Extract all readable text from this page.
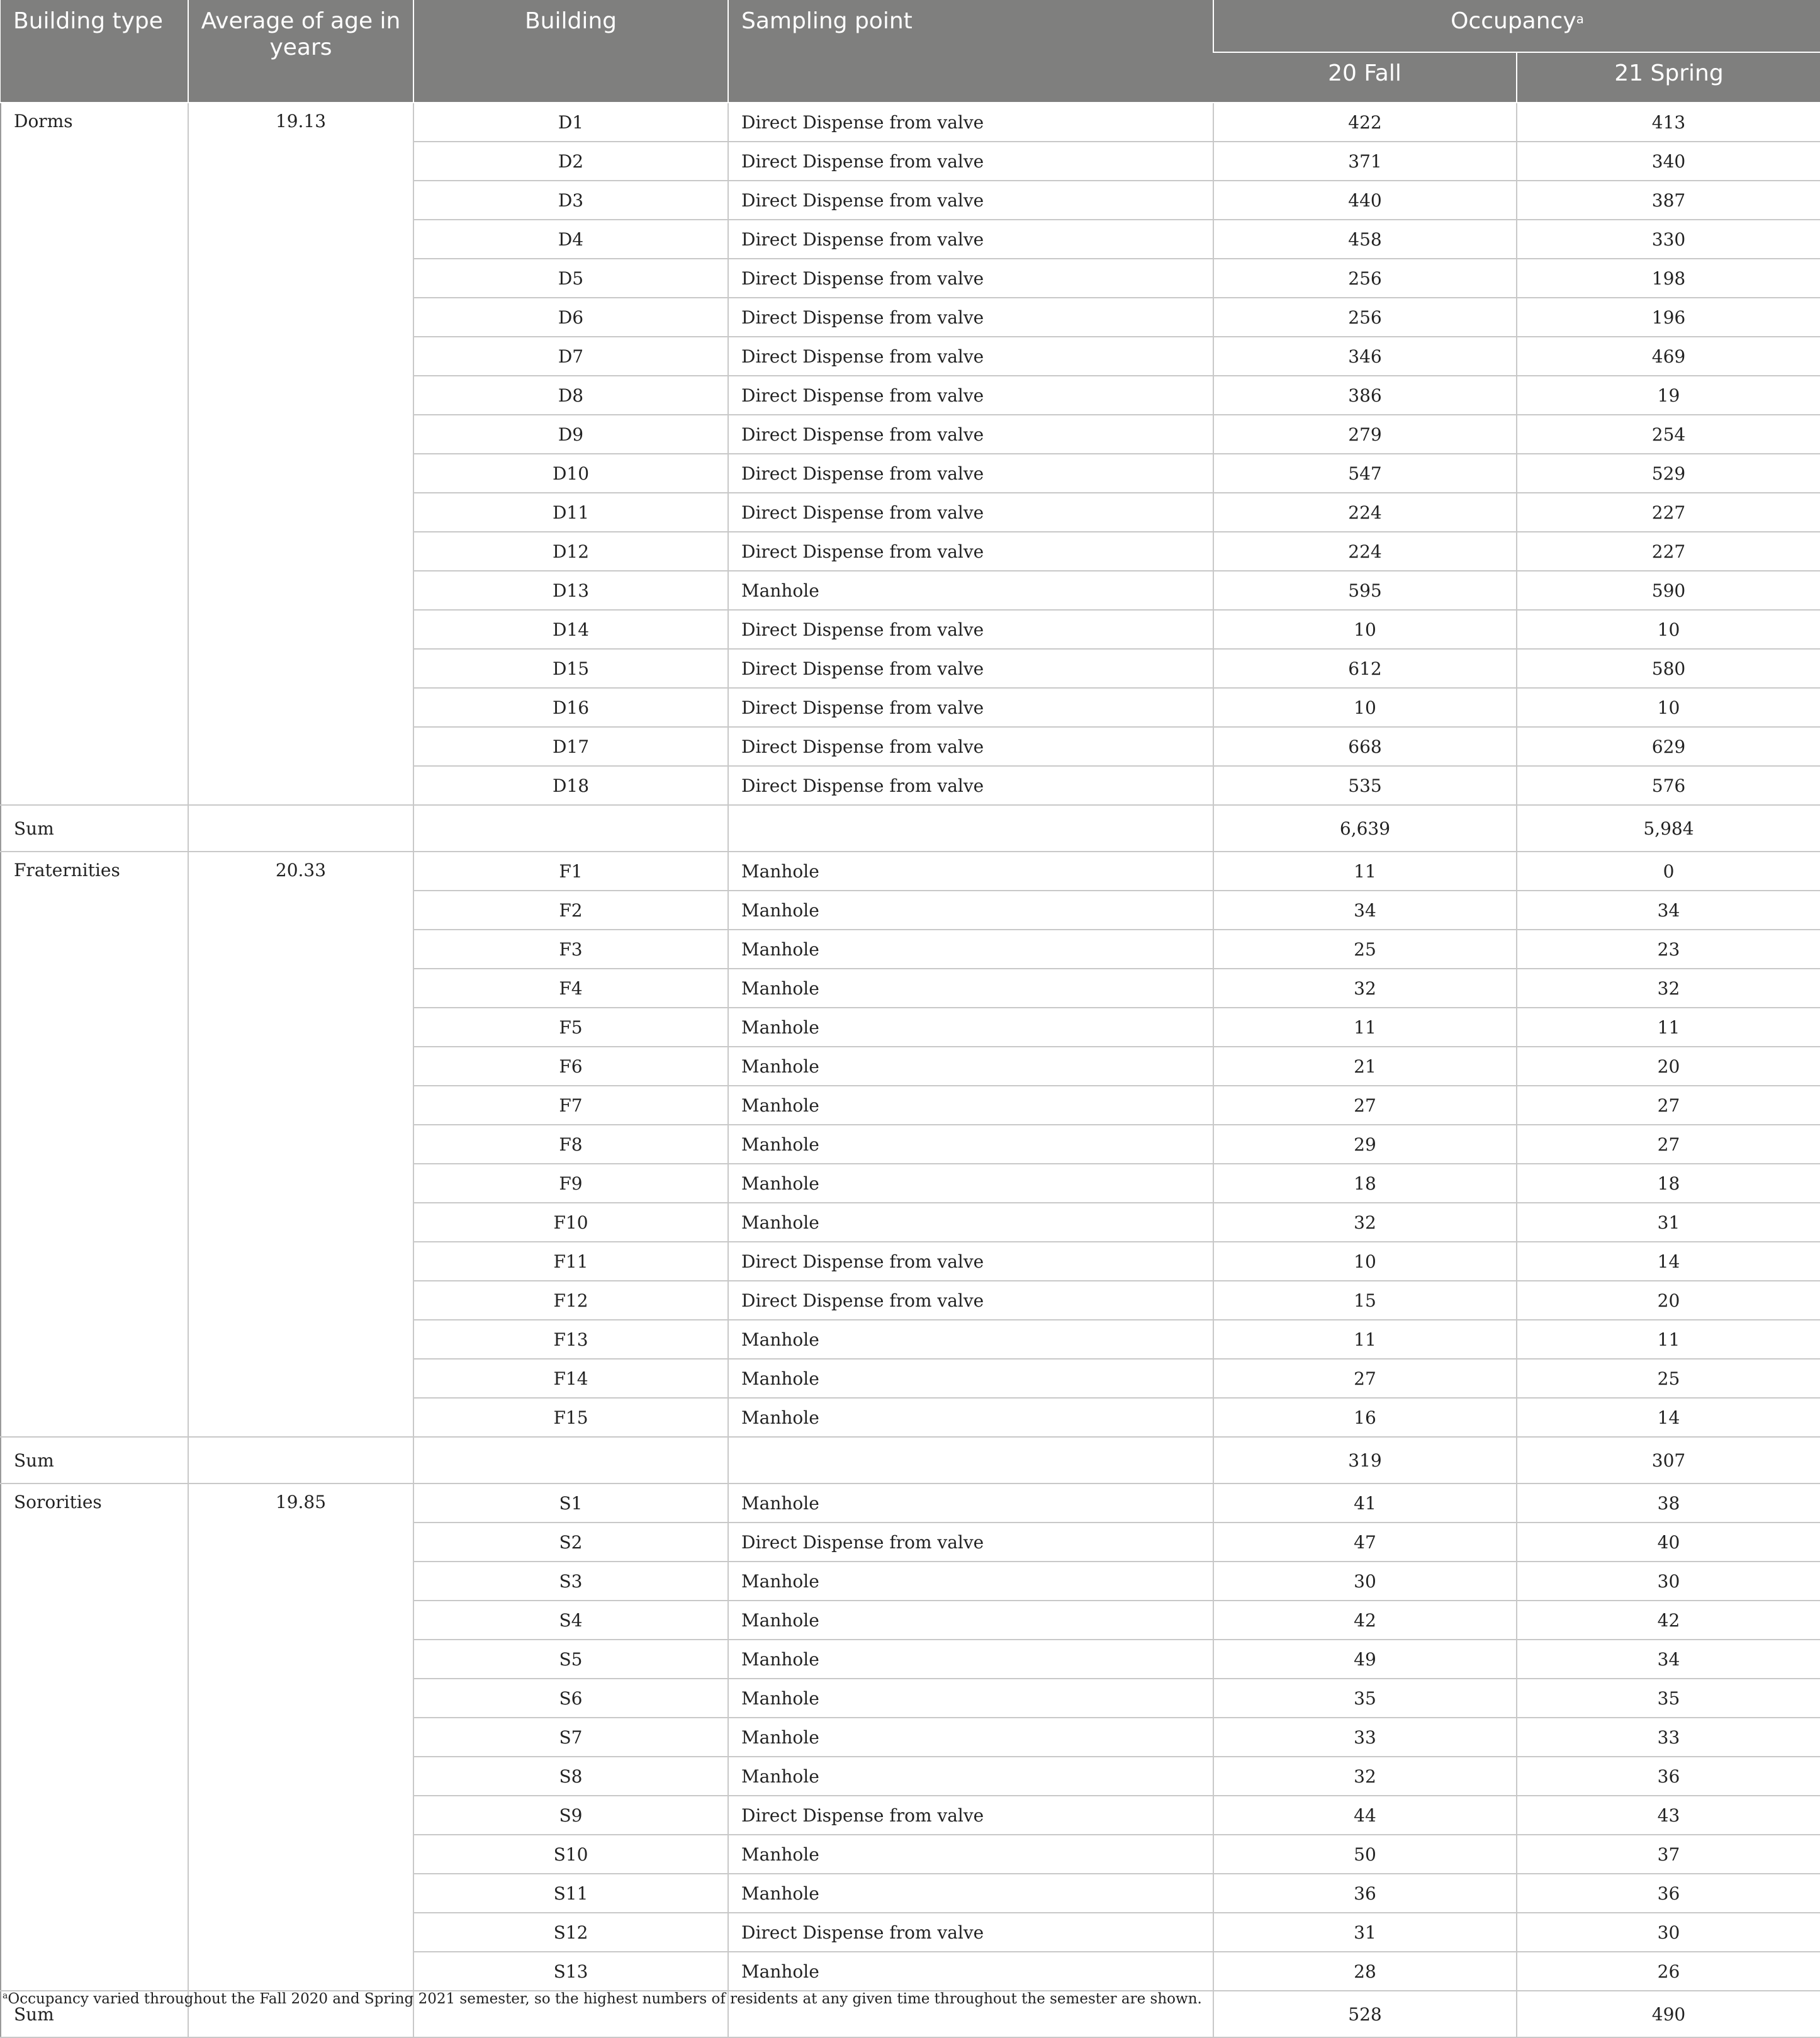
Building type	Average of age in years	Building	Sampling point	Occupancy$^a$
				20 Fall	21 Spring
Dorms	19.13	D1	Direct Dispense from valve	422	413
		D2	Direct Dispense from valve	371	340
		D3	Direct Dispense from valve	440	387
		D4	Direct Dispense from valve	458	330
		D5	Direct Dispense from valve	256	198
		D6	Direct Dispense from valve	256	196
		D7	Direct Dispense from valve	346	469
		D8	Direct Dispense from valve	386	19
		D9	Direct Dispense from valve	279	254
		D10	Direct Dispense from valve	547	529
		D11	Direct Dispense from valve	224	227
		D12	Direct Dispense from valve	224	227
		D13	Manhole	595	590
		D14	Direct Dispense from valve	10	10
		D15	Direct Dispense from valve	612	580
		D16	Direct Dispense from valve	10	10
		D17	Direct Dispense from valve	668	629
		D18	Direct Dispense from valve	535	576
Sum				6,639	5,984
Fraternities	20.33	F1	Manhole	11	0
		F2	Manhole	34	34
		F3	Manhole	25	23
		F4	Manhole	32	32
		F5	Manhole	11	11
		F6	Manhole	21	20
		F7	Manhole	27	27
		F8	Manhole	29	27
		F9	Manhole	18	18
		F10	Manhole	32	31
		F11	Direct Dispense from valve	10	14
		F12	Direct Dispense from valve	15	20
		F13	Manhole	11	11
		F14	Manhole	27	25
		F15	Manhole	16	14
Sum				319	307
Sororities	19.85	S1	Manhole	41	38
		S2	Direct Dispense from valve	47	40
		S3	Manhole	30	30
		S4	Manhole	42	42
		S5	Manhole	49	34
		S6	Manhole	35	35
		S7	Manhole	33	33
		S8	Manhole	32	36
		S9	Direct Dispense from valve	44	43
		S10	Manhole	50	37
		S11	Manhole	36	36
		S12	Direct Dispense from valve	31	30
		S13	Manhole	28	26
Sum				528	490
$^a$Occupancy varied throughout the Fall 2020 and Spring 2021 semester, so the highest numbers of residents at any given time throughout the semester are shown.
